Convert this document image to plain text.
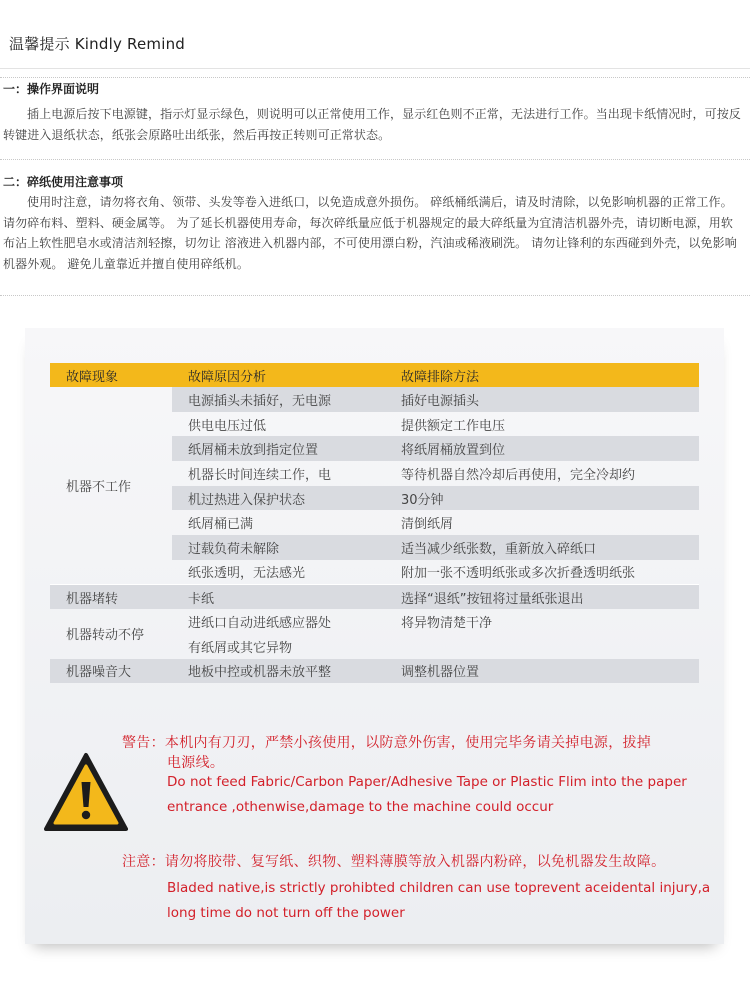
温馨提示 Kindly Remind
一：操作界面说明
插上电源后按下电源键，指示灯显示绿色，则说明可以正常使用工作，显示红色则不正常，无法进行工作。当出现卡纸情况时，可按反转键进入退纸状态，纸张会原路吐出纸张，然后再按正转则可正常状态。
二：碎纸使用注意事项
使用时注意，请勿将衣角、领带、头发等卷入进纸口，以免造成意外损伤。 碎纸桶纸满后，请及时清除，以免影响机器的正常工作。 请勿碎布料、塑料、硬金属等。 为了延长机器使用寿命，每次碎纸量应低于机器规定的最大碎纸量为宜清洁机器外壳，请切断电源，用软布沾上软性肥皂水或清洁剂轻擦，切勿让 溶液进入机器内部，不可使用漂白粉，汽油或稀液刷洗。 请勿让锋利的东西碰到外壳，以免影响机器外观。 避免儿童靠近并擅自使用碎纸机。
故障现象	故障原因分析	故障排除方法
机器不工作	电源插头未插好，无电源	插好电源插头
	供电电压过低	提供额定工作电压
	纸屑桶未放到指定位置	将纸屑桶放置到位
	机器长时间连续工作，电	等待机器自然冷却后再使用，完全冷却约
	机过热进入保护状态	30分钟
	纸屑桶已满	清倒纸屑
	过载负荷未解除	适当减少纸张数，重新放入碎纸口
	纸张透明，无法感光	附加一张不透明纸张或多次折叠透明纸张
机器堵转	卡纸	选择“退纸”按钮将过量纸张退出
机器转动不停	进纸口自动进纸感应器处	将异物清楚干净
	有纸屑或其它异物	
机器噪音大	地板中控或机器未放平整	调整机器位置
警告：本机内有刀刃，严禁小孩使用，以防意外伤害，使用完毕务请关掉电源，拔掉
电源线。
Do not feed Fabric/Carbon Paper/Adhesive Tape or Plastic Flim into the paper
entrance ,othenwise,damage to the machine could occur
注意：请勿将胶带、复写纸、织物、塑料薄膜等放入机器内粉碎，以免机器发生故障。
Bladed native,is strictly prohibted children can use toprevent aceidental injury,a
long time do not turn off the power
